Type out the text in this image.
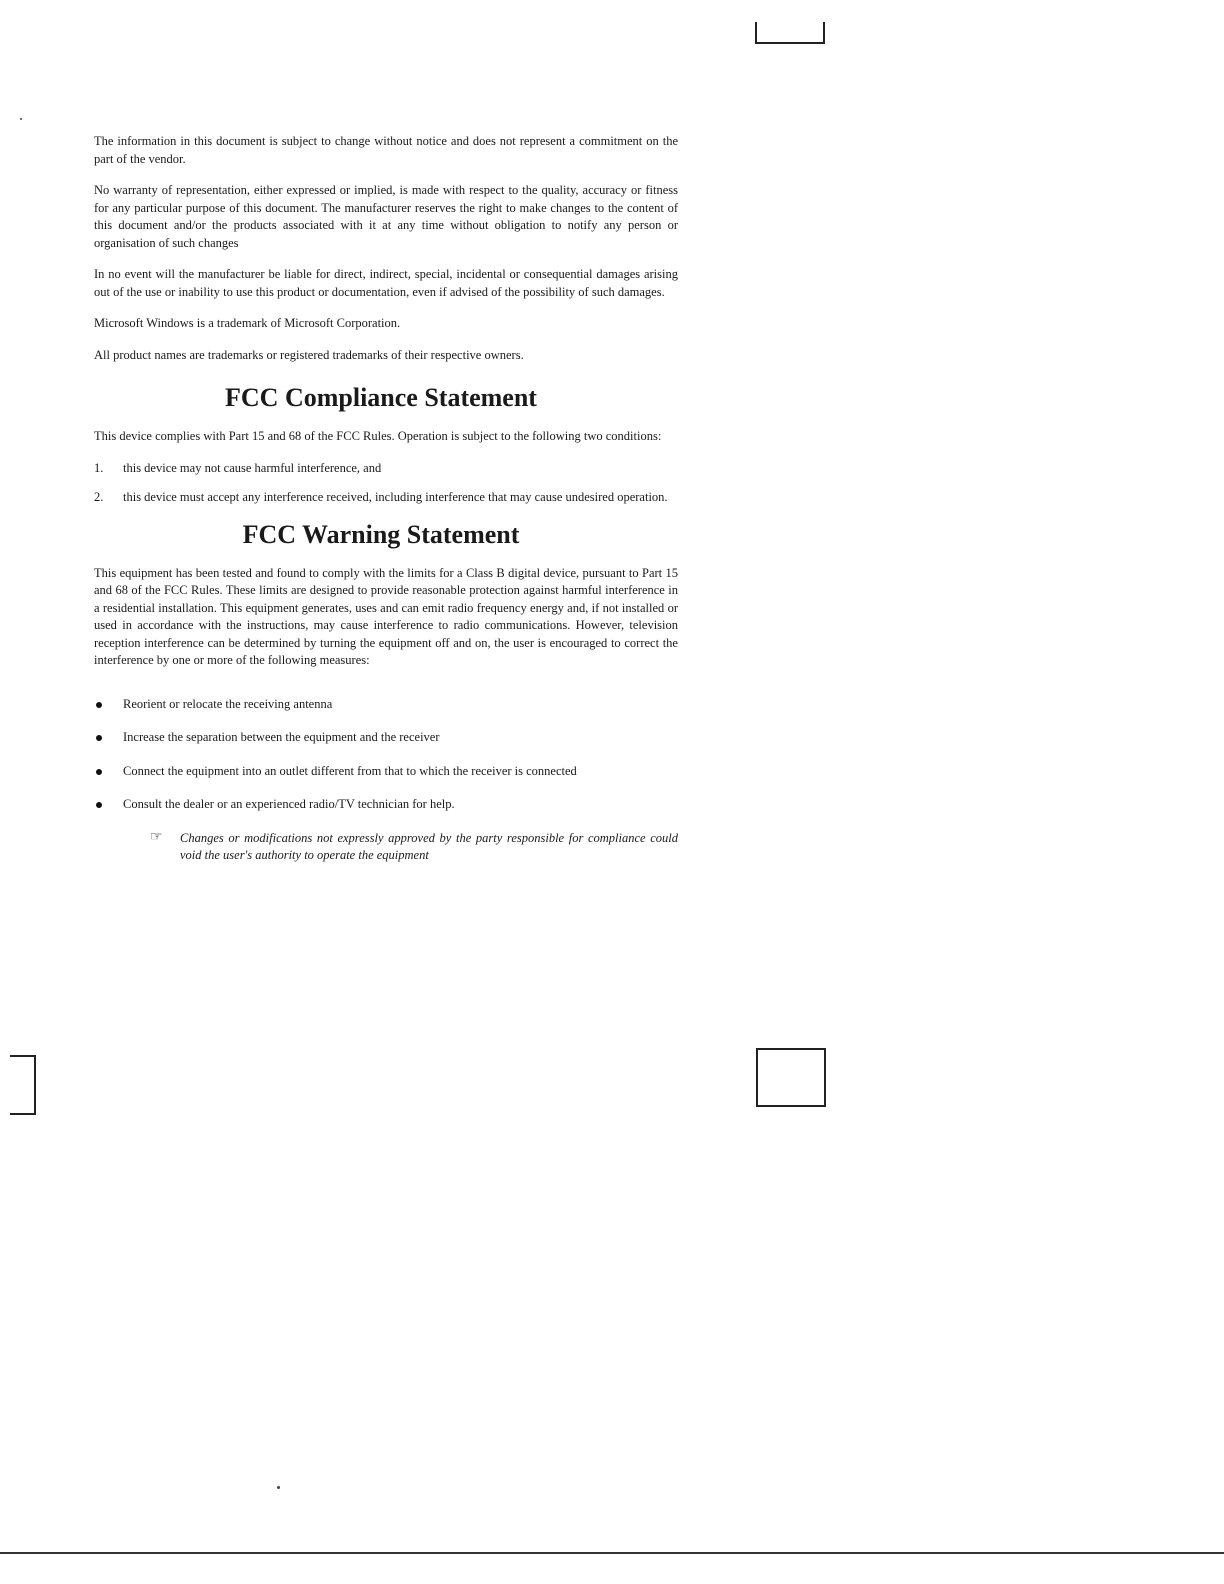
The information in this document is subject to change without notice and does not represent a commitment on the part of the vendor.

No warranty of representation, either expressed or implied, is made with respect to the quality, accuracy or fitness for any particular purpose of this document. The manufacturer reserves the right to make changes to the content of this document and/or the products associated with it at any time without obligation to notify any person or organisation of such changes

In no event will the manufacturer be liable for direct, indirect, special, incidental or consequential damages arising out of the use or inability to use this product or documentation, even if advised of the possibility of such damages.

Microsoft Windows is a trademark of Microsoft Corporation.

All product names are trademarks or registered trademarks of their respective owners.

FCC Compliance Statement

This device complies with Part 15 and 68 of the FCC Rules. Operation is subject to the following two conditions:

1. this device may not cause harmful interference, and
2. this device must accept any interference received, including interference that may cause undesired operation.
FCC Warning Statement

This equipment has been tested and found to comply with the limits for a Class B digital device, pursuant to Part 15 and 68 of the FCC Rules. These limits are designed to provide reasonable protection against harmful interference in a residential installation. This equipment generates, uses and can emit radio frequency energy and, if not installed or used in accordance with the instructions, may cause interference to radio communications. However, television reception interference can be determined by turning the equipment off and on, the user is encouraged to correct the interference by one or more of the following measures:

Reorient or relocate the receiving antenna
Increase the separation between the equipment and the receiver
Connect the equipment into an outlet different from that to which the receiver is connected
Consult the dealer or an experienced radio/TV technician for help.
☞ Changes or modifications not expressly approved by the party responsible for compliance could void the user's authority to operate the equipment
